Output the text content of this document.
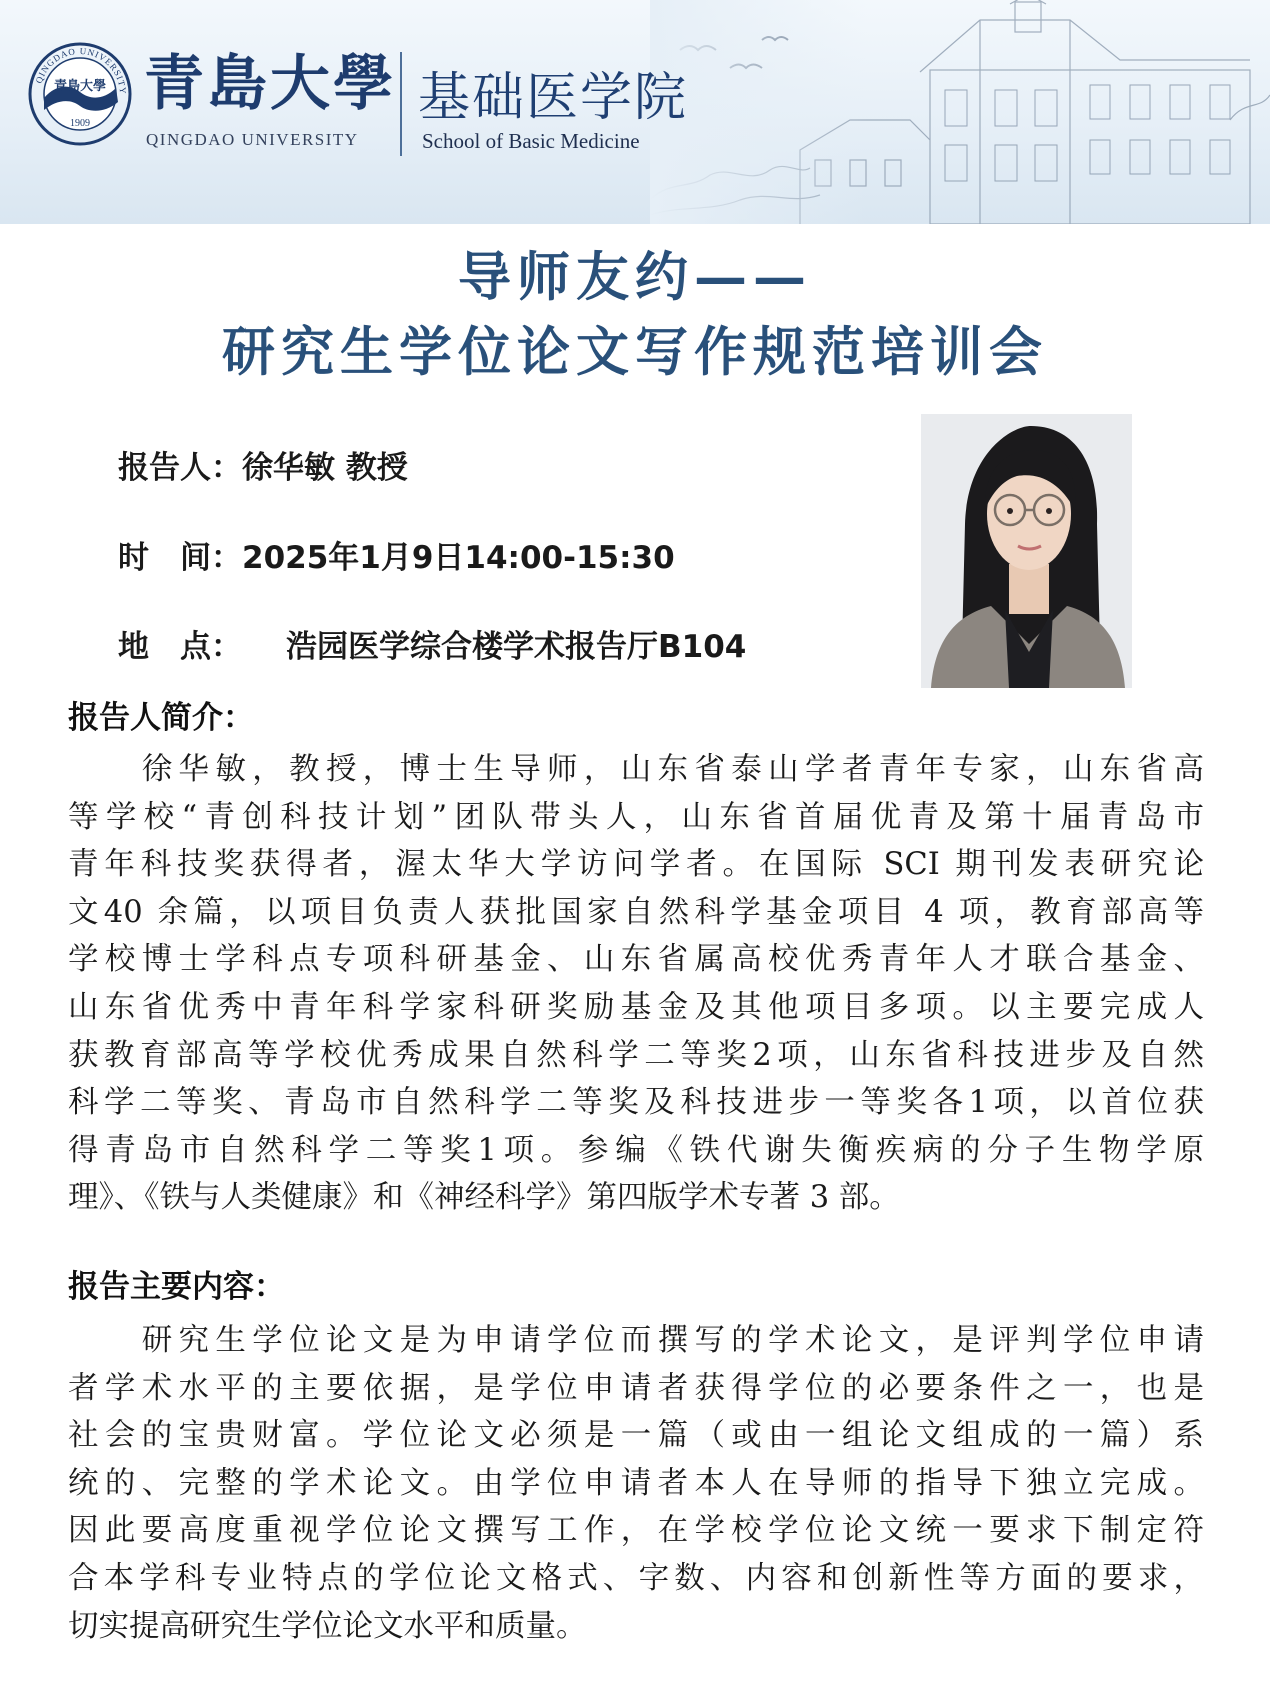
青島大學
1909
QINGDAO UNIVERSITY 青島大學
QINGDAO UNIVERSITY
基础医学院
School of Basic Medicine
导师友约——
研究生学位论文写作规范培训会
报告人：徐华敏 教授
时　间：2025年1月9日14:00-15:30
地　点： 浩园医学综合楼学术报告厅B104
报告人简介：
　　徐华敏，教授，博士生导师，山东省泰山学者青年专家，山东省高
等学校“青创科技计划”团队带头人，山东省首届优青及第十届青岛市
青年科技奖获得者，渥太华大学访问学者。在国际 SCI 期刊发表研究论
文40 余篇，以项目负责人获批国家自然科学基金项目 4 项，教育部高等
学校博士学科点专项科研基金、山东省属高校优秀青年人才联合基金、
山东省优秀中青年科学家科研奖励基金及其他项目多项。以主要完成人
获教育部高等学校优秀成果自然科学二等奖2项，山东省科技进步及自然
科学二等奖、青岛市自然科学二等奖及科技进步一等奖各1项，以首位获
得青岛市自然科学二等奖1项。参编《铁代谢失衡疾病的分子生物学原
理》、《铁与人类健康》和《神经科学》第四版学术专著 3 部。
报告主要内容：
　　研究生学位论文是为申请学位而撰写的学术论文，是评判学位申请
者学术水平的主要依据，是学位申请者获得学位的必要条件之一，也是
社会的宝贵财富。学位论文必须是一篇（或由一组论文组成的一篇）系
统的、完整的学术论文。由学位申请者本人在导师的指导下独立完成。
因此要高度重视学位论文撰写工作，在学校学位论文统一要求下制定符
合本学科专业特点的学位论文格式、字数、内容和创新性等方面的要求，
切实提高研究生学位论文水平和质量。
